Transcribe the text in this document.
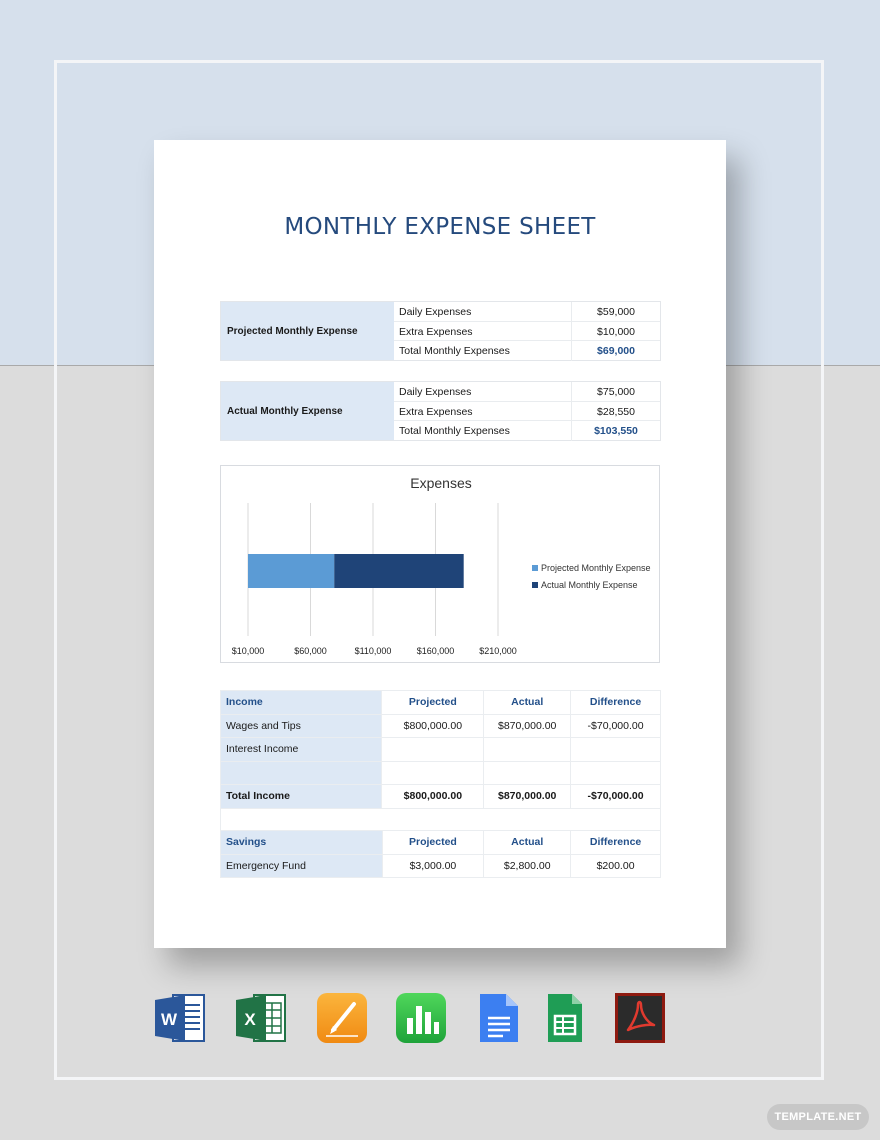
MONTHLY EXPENSE SHEET
Projected Monthly Expense
Daily Expenses	$59,000
Extra Expenses	$10,000
Total Monthly Expenses	$69,000
Actual Monthly Expense
Daily Expenses	$75,000
Extra Expenses	$28,550
Total Monthly Expenses	$103,550
Expenses
$10,000	$60,000	$110,000	$160,000	$210,000
Projected Monthly Expense
Actual Monthly Expense
Income	Projected	Actual	Difference
Wages and Tips	$800,000.00	$870,000.00	-$70,000.00
Interest Income			

Total Income	$800,000.00	$870,000.00	-$70,000.00
Savings	Projected	Actual	Difference
Emergency Fund	$3,000.00	$2,800.00	$200.00
W	X
TEMPLATE.NET
